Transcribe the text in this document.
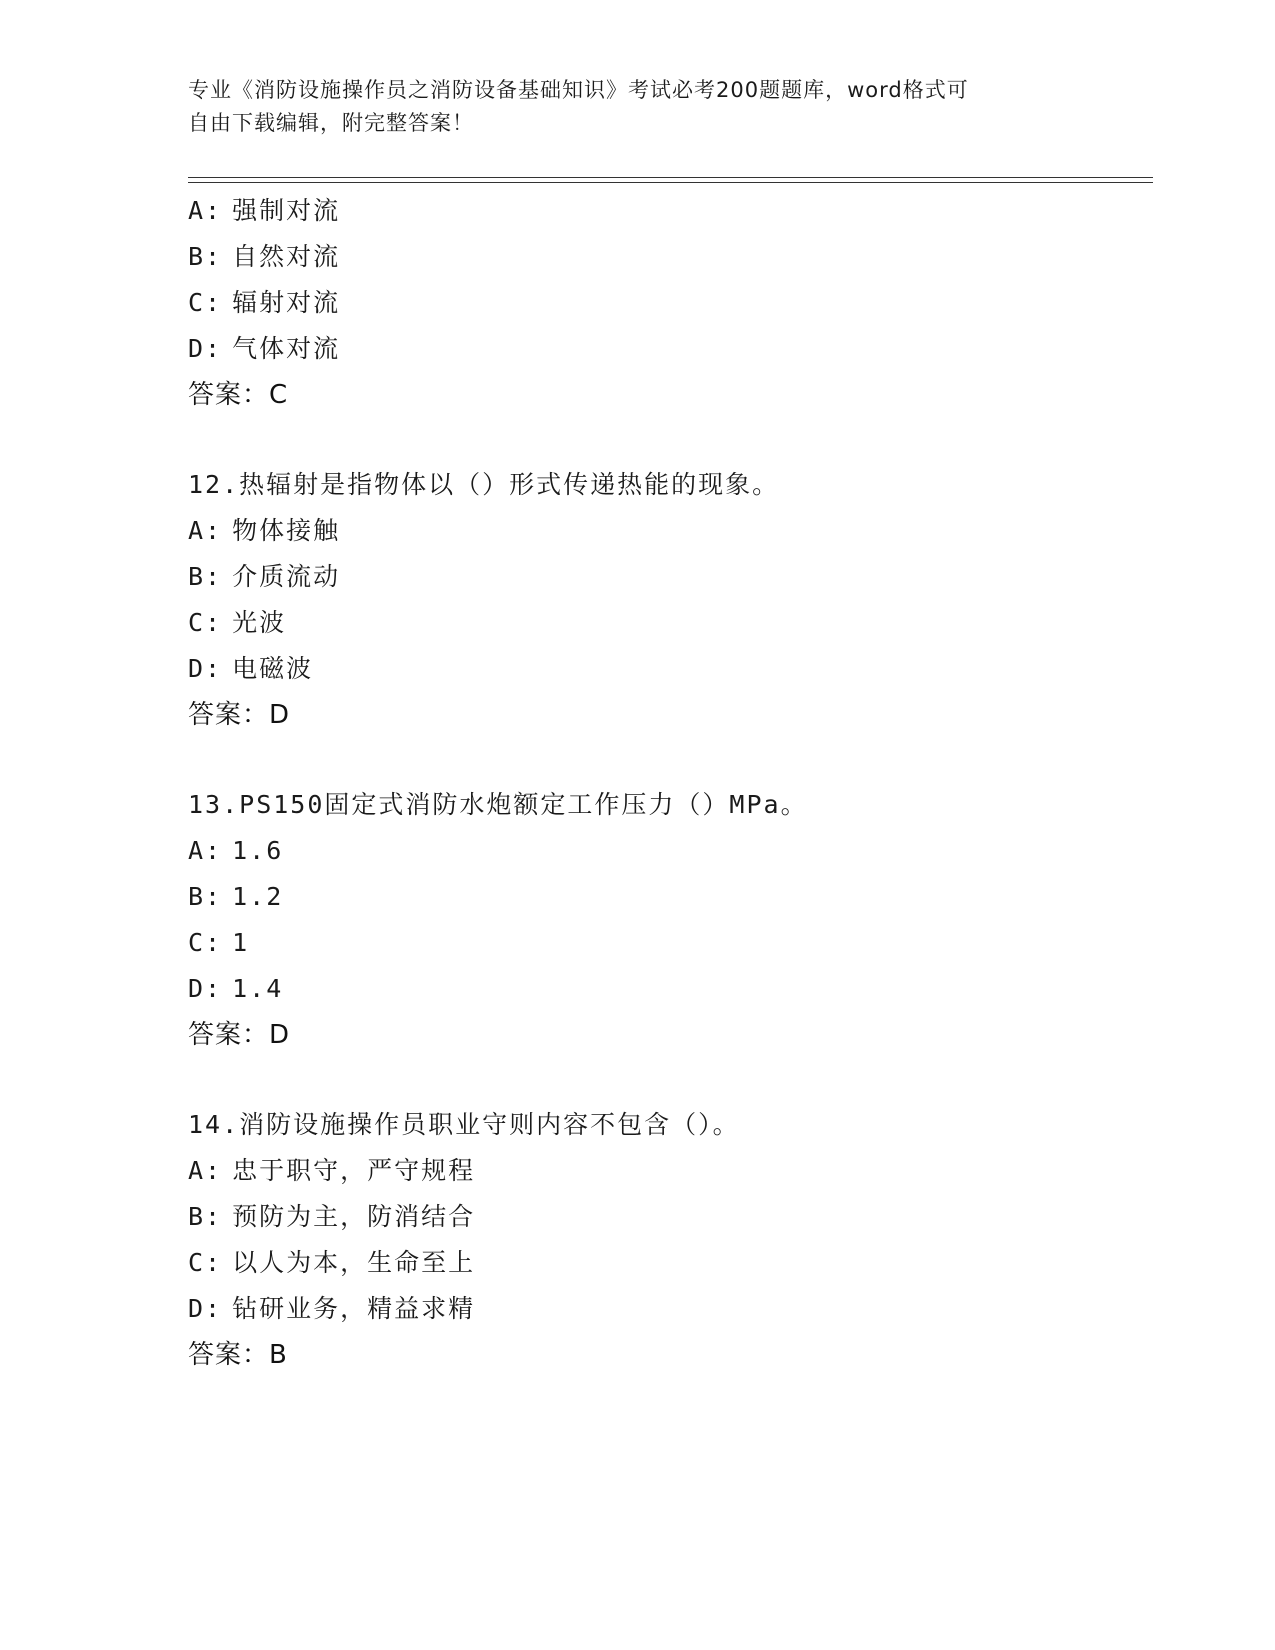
专业《消防设施操作员之消防设备基础知识》考试必考200题题库，word格式可
自由下载编辑，附完整答案！
A: 强制对流
B: 自然对流
C: 辐射对流
D: 气体对流
答案：C
12.热辐射是指物体以（）形式传递热能的现象。
A: 物体接触
B: 介质流动
C: 光波
D: 电磁波
答案：D
13.PS150固定式消防水炮额定工作压力（）MPa。
A: 1.6
B: 1.2
C: 1
D: 1.4
答案：D
14.消防设施操作员职业守则内容不包含（）。
A: 忠于职守，严守规程
B: 预防为主，防消结合
C: 以人为本，生命至上
D: 钻研业务，精益求精
答案：B
